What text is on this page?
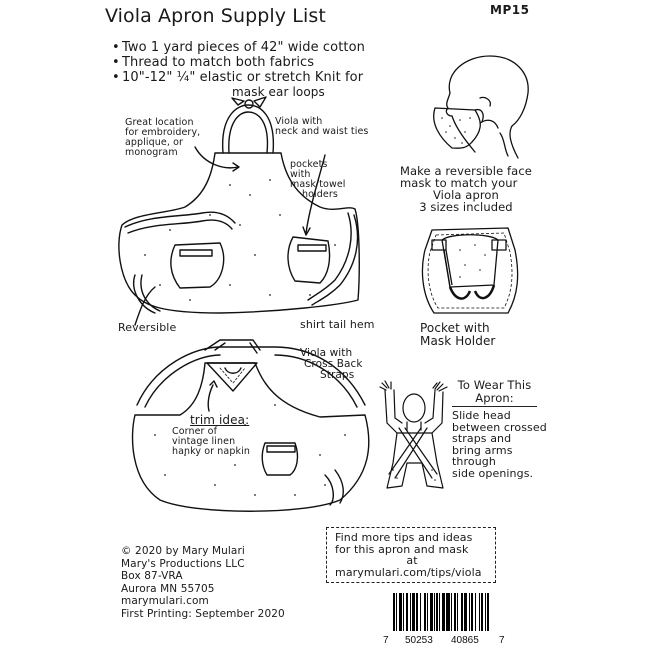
Viola Apron Supply List	MP15
• Two 1 yard pieces of 42" wide cotton
• Thread to match both fabrics
• 10"-12" ¼" elastic or stretch Knit for
mask ear loops
Great location
for embroidery,
applique, or
monogram
Viola with
neck and waist ties
pockets
with
mask/towel
holders
Reversible	shirt tail hem
Make a reversible face
mask to match your
Viola apron
3 sizes included
Pocket with
Mask Holder
Viola with
Cross Back
Straps
trim idea:
Corner of
vintage linen
hanky or napkin
To Wear This
Apron:
Slide head
between crossed
straps and
bring arms
through
side openings.
Find more tips and ideas
for this apron and mask
at
marymulari.com/tips/viola
© 2020 by Mary Mulari
Mary's Productions LLC
Box 87-VRA
Aurora MN 55705
marymulari.com
First Printing: September 2020
7 50253 40865 7
